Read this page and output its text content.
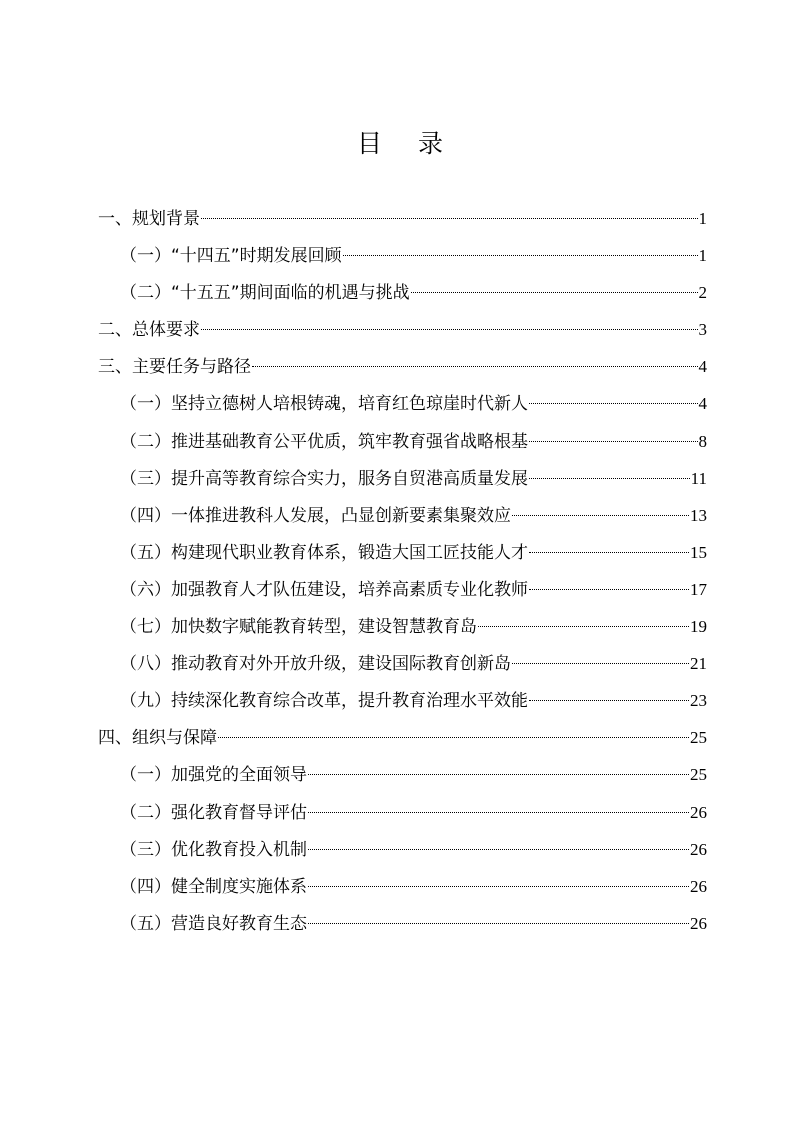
目 录
一、规划背景	1
（一）“十四五”时期发展回顾	1
（二）“十五五”期间面临的机遇与挑战	2
二、总体要求	3
三、主要任务与路径	4
（一）坚持立德树人培根铸魂，培育红色琼崖时代新人	4
（二）推进基础教育公平优质，筑牢教育强省战略根基	8
（三）提升高等教育综合实力，服务自贸港高质量发展	11
（四）一体推进教科人发展，凸显创新要素集聚效应	13
（五）构建现代职业教育体系，锻造大国工匠技能人才	15
（六）加强教育人才队伍建设，培养高素质专业化教师	17
（七）加快数字赋能教育转型，建设智慧教育岛	19
（八）推动教育对外开放升级，建设国际教育创新岛	21
（九）持续深化教育综合改革，提升教育治理水平效能	23
四、组织与保障	25
（一）加强党的全面领导	25
（二）强化教育督导评估	26
（三）优化教育投入机制	26
（四）健全制度实施体系	26
（五）营造良好教育生态	26
